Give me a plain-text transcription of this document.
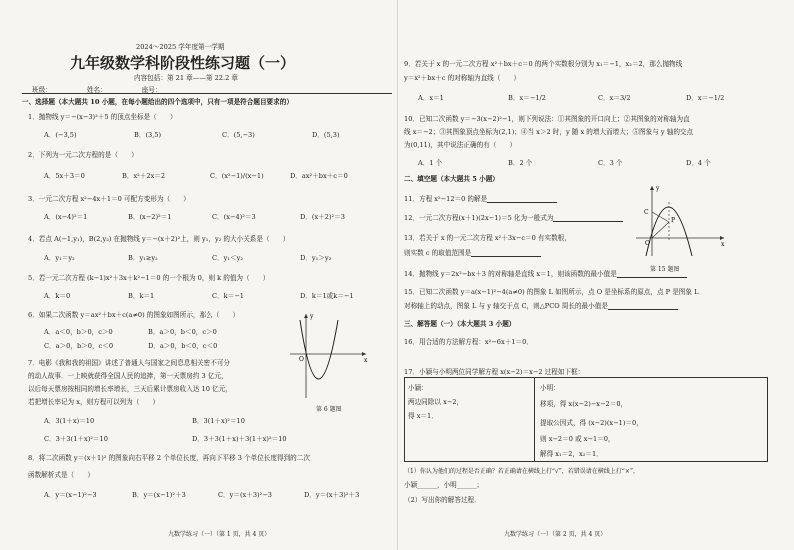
2024～2025 学年度第一学期
九年级数学科阶段性练习题（一）
内容包括：第 21 章——第 22.2 章
班级：__________ 姓名：__________ 座号：__________
一、选择题（本大题共 10 小题，在每小题给出的四个选项中，只有一项是符合题目要求的）
1．抛物线 y＝−(x−3)²＋5 的顶点坐标是（　　）
A．(−3,5)	B．(3,5)	C．(5,−3)	D．(5,3)
2．下列为一元二次方程的是（　　）
A．5x＋3＝0	B．x²＋2x＝2	C．(x²−1)/(x−1)	D．ax²＋bx＋c＝0
3．一元二次方程 x²−4x＋1＝0 可配方变形为（　　）
A．(x−4)²＝1	B．(x−2)²＝1	C．(x−4)²＝3	D．(x＋2)²＝3
4．若点 A(−1,y₁)，B(2,y₂) 在抛物线 y＝−(x＋2)²上，则 y₁，y₂ 的大小关系是（　　）
A．y₁＝y₂	B．y₁≥y₂	C．y₁＜y₂	D．y₁＞y₂
5．若一元二次方程 (k−1)x²＋3x＋k²−1＝0 的一个根为 0，则 k 的值为（　　）
A．k＝0	B．k＝1	C．k＝−1	D．k＝1或k＝−1
6．如果二次函数 y＝ax²＋bx＋c(a≠0) 的图象如图所示，那么（　　）
A．a＜0，b＞0，c＞0	B．a＞0，b＜0，c＞0
C．a＞0，b＞0，c＜0	D．a＞0，b＜0，c＜0
y
x
O
第 6 题图
7．电影《我和我的祖国》讲述了普通人与国家之间息息相关密不可分
的动人故事．一上映就获得全国人民的追捧，第一天票房约 3 亿元，
以后每天票房按相同的增长率增长，三天后累计票房收入达 10 亿元，
若把增长率记为 x，则方程可以列为（　　）
A．3(1＋x)＝10	B．3(1＋x)²＝10
C．3＋3(1＋x)²＝10	D．3＋3(1＋x)＋3(1＋x)²＝10
8．将二次函数 y＝(x＋1)² 的图象向右平移 2 个单位长度，再向下平移 3 个单位长度得到的二次
函数解析式是（　　）
A．y＝(x−1)²−3	B．y＝(x−1)²＋3	C．y＝(x＋3)²−3	D．y＝(x＋3)²＋3
九数学练习（一）（第 1 页，共 4 页）
9．若关于 x 的一元二次方程 x²＋bx＋c＝0 的两个实数根分别为 x₁＝−1，x₂＝2，那么抛物线
y＝x²＋bx＋c 的对称轴为直线（　　）
A．x＝1	B．x＝−1/2	C．x＝3/2	D．x＝−1/2
10．已知二次函数 y＝−3(x−2)²−1，则下列说法：①其图象的开口向上；②其图象的对称轴为直
线 x＝−2；③其图象顶点坐标为(2,1)；④当 x＞2 时，y 随 x 的增大而增大；⑤图象与 y 轴的交点
为(0,11)，其中说法正确的有（　　）
A．1 个	B．2 个	C．3 个	D．4 个
二、填空题（本大题共 5 小题）
11．方程 x²−12＝0 的解是
12．一元二次方程(x＋1)(2x−1)＝5 化为一般式为
13．若关于 x 的一元二次方程 x²＋3x−c＝0 有实数根，
则实数 c 的取值范围是
14．抛物线 y＝2x²−bx＋3 的对称轴是直线 x＝1，则该函数的最小值是
15．已知二次函数 y＝a(x−1)²−4(a≠0) 的图象 L 如图所示，点 O 是坐标系的原点，点 P 是图象 L
对称轴上的动点，图象 L 与 y 轴交于点 C，则△PCO 周长的最小值是
y
x
O
C
P
第 15 题图
三、解答题（一）（本大题共 3 小题）
16．用合适的方法解方程：x²−6x＋1＝0．
17．小颖与小明两位同学解方程 x(x−2)＝x−2 过程如下框：
小颖：
两边同除以 x−2，
得 x＝1．
小明：
移项，得 x(x−2)−x−2＝0，
提取公因式，得 (x−2)(x−1)＝0，
则 x−2＝0 或 x−1＝0，
解得 x₁＝2，x₂＝1．
（1）你认为他们的过程是否正确？若正确请在横线上打“√”，若错误请在横线上打“×”，
小颖______，小明______；
（2）写出你的解答过程．
九数学练习（一）（第 2 页，共 4 页）
